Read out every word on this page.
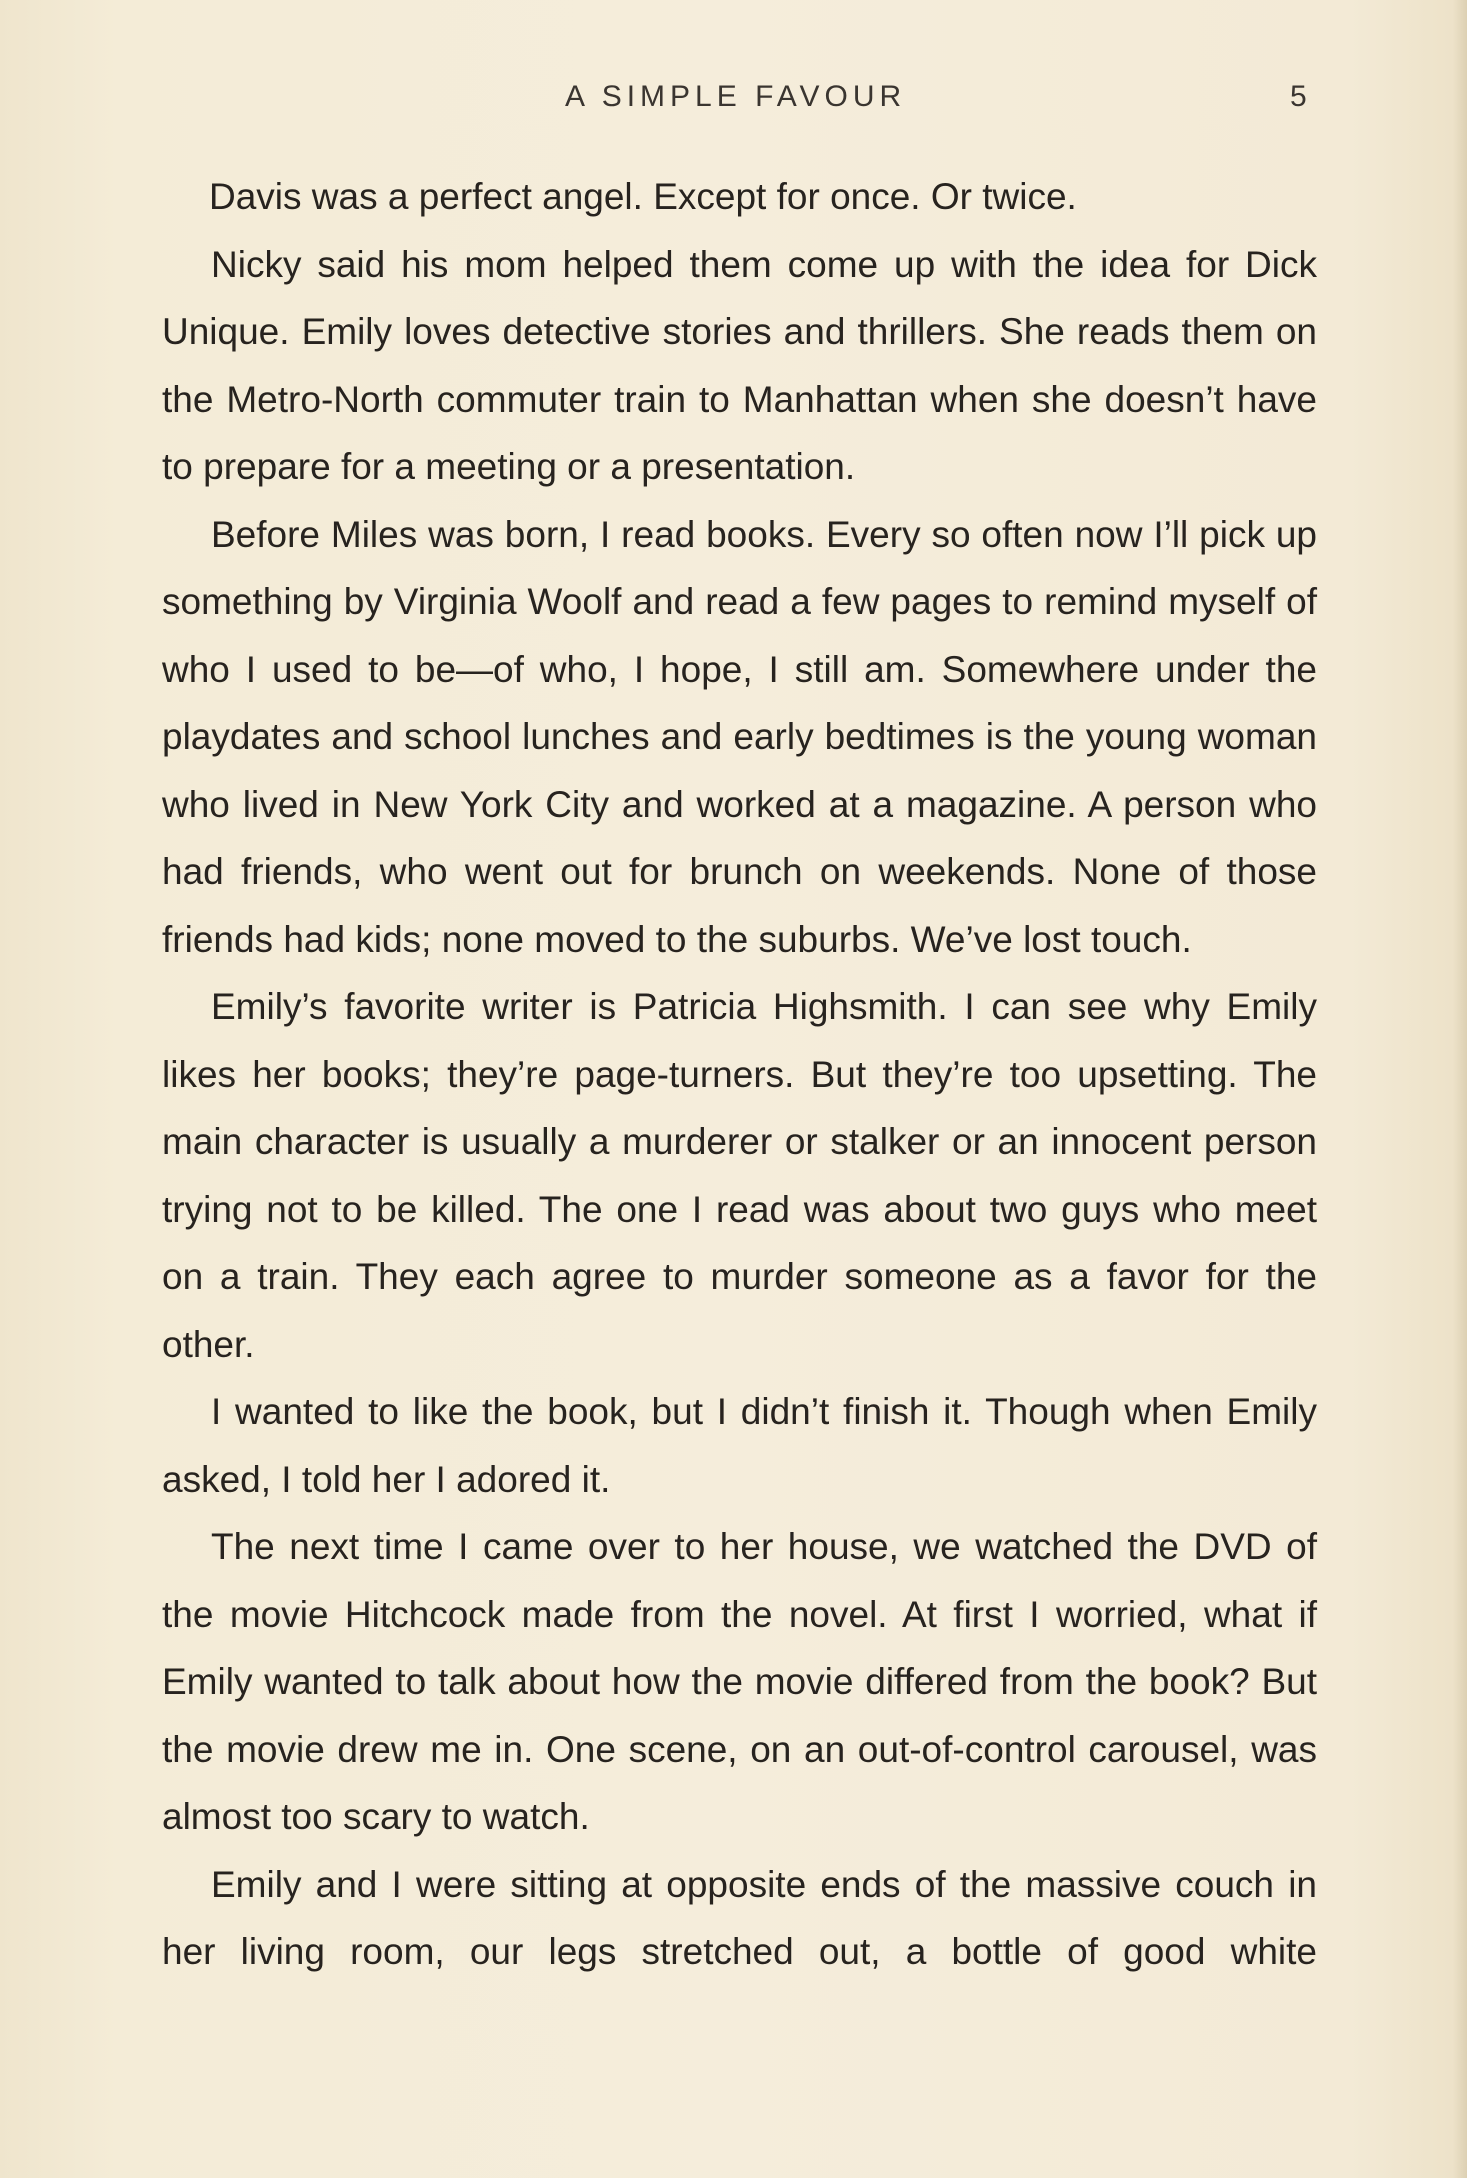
A SIMPLE FAVOUR	5

Davis was a perfect angel. Except for once. Or twice.

Nicky said his mom helped them come up with the idea for Dick Unique. Emily loves detective stories and thrillers. She reads them on the Metro-North commuter train to Manhattan when she doesn’t have to prepare for a meeting or a presentation.

Before Miles was born, I read books. Every so often now I’ll pick up something by Virginia Woolf and read a few pages to remind myself of who I used to be—of who, I hope, I still am. Somewhere under the playdates and school lunches and early bedtimes is the young woman who lived in New York City and worked at a magazine. A person who had friends, who went out for brunch on weekends. None of those friends had kids; none moved to the suburbs. We’ve lost touch.

Emily’s favorite writer is Patricia Highsmith. I can see why Emily likes her books; they’re page-turners. But they’re too upsetting. The main character is usually a murderer or stalker or an innocent person trying not to be killed. The one I read was about two guys who meet on a train. They each agree to murder someone as a favor for the other.

I wanted to like the book, but I didn’t finish it. Though when Emily asked, I told her I adored it.

The next time I came over to her house, we watched the DVD of the movie Hitchcock made from the novel. At first I worried, what if Emily wanted to talk about how the movie differed from the book? But the movie drew me in. One scene, on an out-of-control carousel, was almost too scary to watch.

Emily and I were sitting at opposite ends of the massive couch in her living room, our legs stretched out, a bottle of good white
